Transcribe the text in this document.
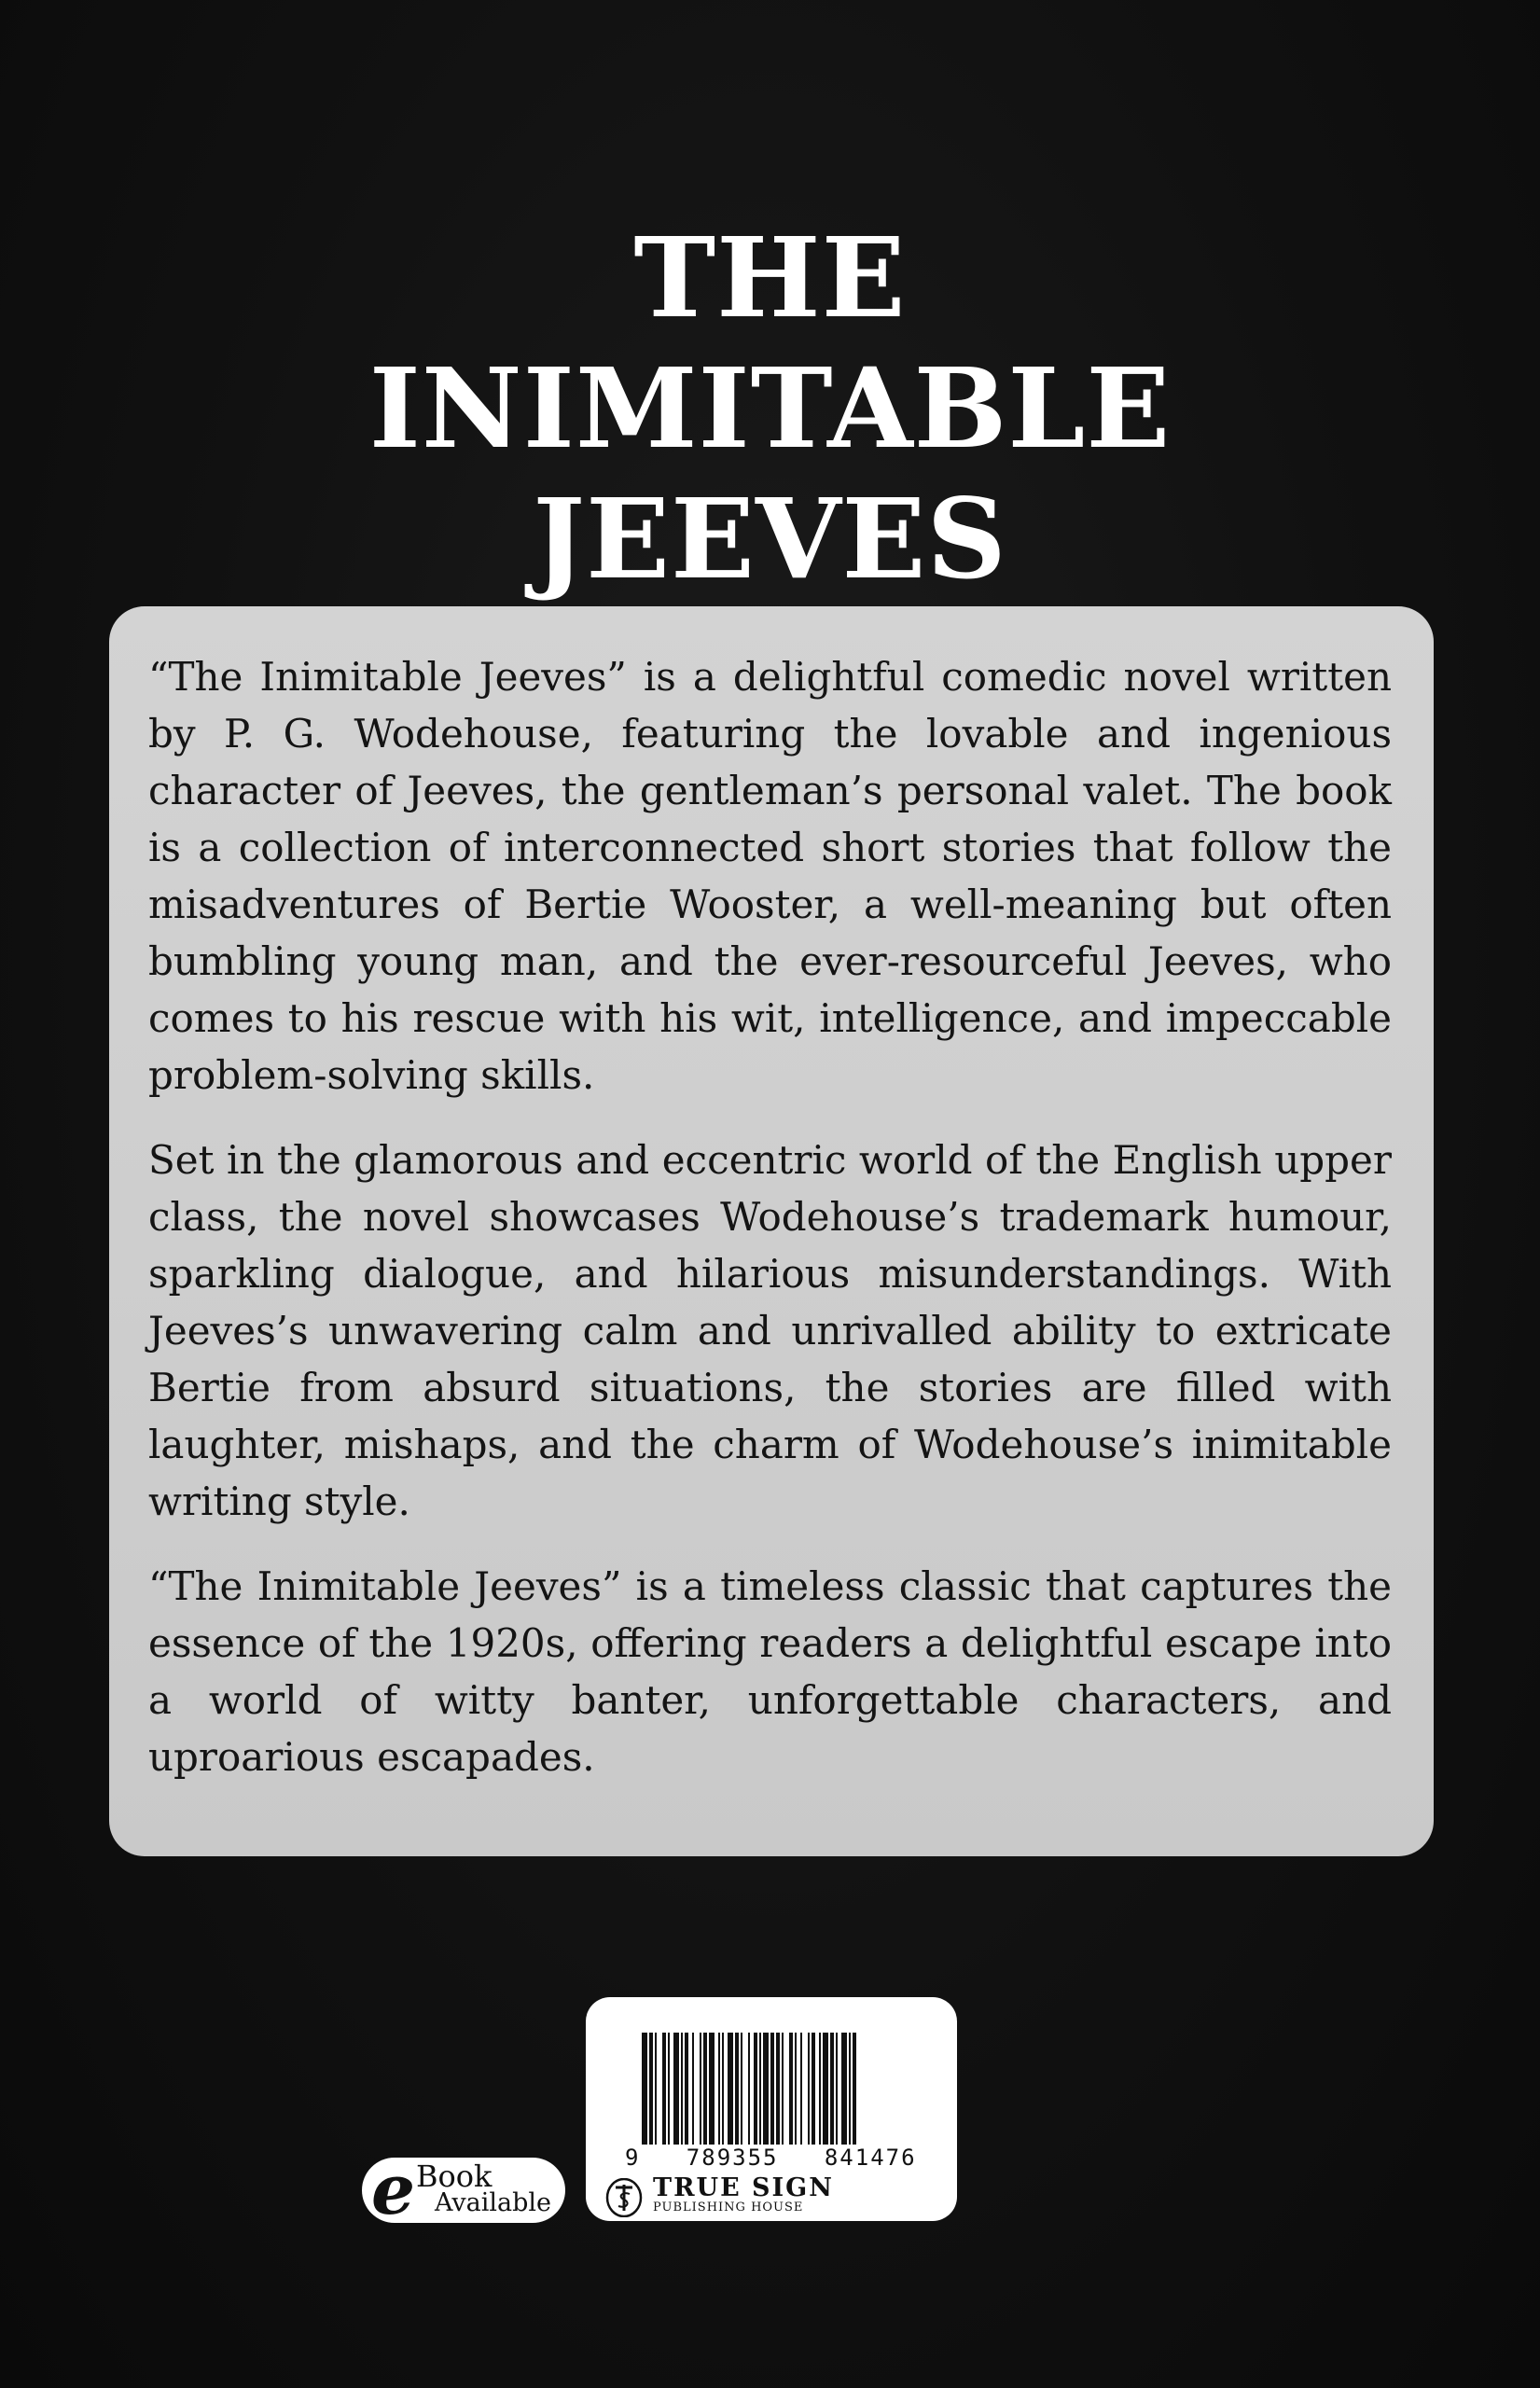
THE
INIMITABLE
JEEVES

“The Inimitable Jeeves” is a delightful comedic novel written by P. G. Wodehouse, featuring the lovable and ingenious character of Jeeves, the gentleman’s personal valet. The book is a collection of interconnected short stories that follow the misadventures of Bertie Wooster, a well-meaning but often bumbling young man, and the ever-resourceful Jeeves, who comes to his rescue with his wit, intelligence, and impeccable problem-solving skills.

Set in the glamorous and eccentric world of the English upper class, the novel showcases Wodehouse’s trademark humour, sparkling dialogue, and hilarious misunderstandings. With Jeeves’s unwavering calm and unrivalled ability to extricate Bertie from absurd situations, the stories are filled with laughter, mishaps, and the charm of Wodehouse’s inimitable writing style.

“The Inimitable Jeeves” is a timeless classic that captures the essence of the 1920s, offering readers a delightful escape into a world of witty banter, unforgettable characters, and uproarious escapades.

e Book
Available
9   789355   841476
TRUE SIGN
PUBLISHING HOUSE
